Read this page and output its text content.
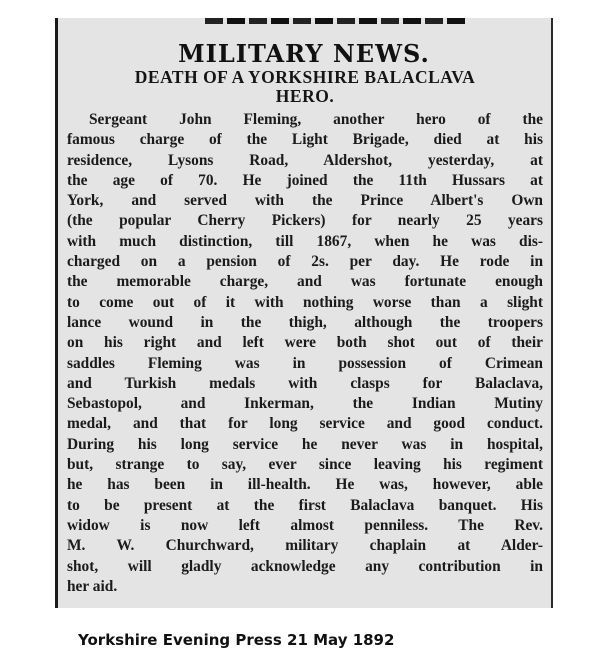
MILITARY NEWS.
DEATH OF A YORKSHIRE BALACLAVA
HERO.
Sergeant John Fleming, another hero of the
famous charge of the Light Brigade, died at his
residence, Lysons Road, Aldershot, yesterday, at
the age of 70. He joined the 11th Hussars at
York, and served with the Prince Albert's Own
(the popular Cherry Pickers) for nearly 25 years
with much distinction, till 1867, when he was dis-
charged on a pension of 2s. per day. He rode in
the memorable charge, and was fortunate enough
to come out of it with nothing worse than a slight
lance wound in the thigh, although the troopers
on his right and left were both shot out of their
saddles Fleming was in possession of Crimean
and Turkish medals with clasps for Balaclava,
Sebastopol, and Inkerman, the Indian Mutiny
medal, and that for long service and good conduct.
During his long service he never was in hospital,
but, strange to say, ever since leaving his regiment
he has been in ill-health. He was, however, able
to be present at the first Balaclava banquet. His
widow is now left almost penniless. The Rev.
M. W. Churchward, military chaplain at Alder-
shot, will gladly acknowledge any contribution in
her aid.

Yorkshire Evening Press 21 May 1892
